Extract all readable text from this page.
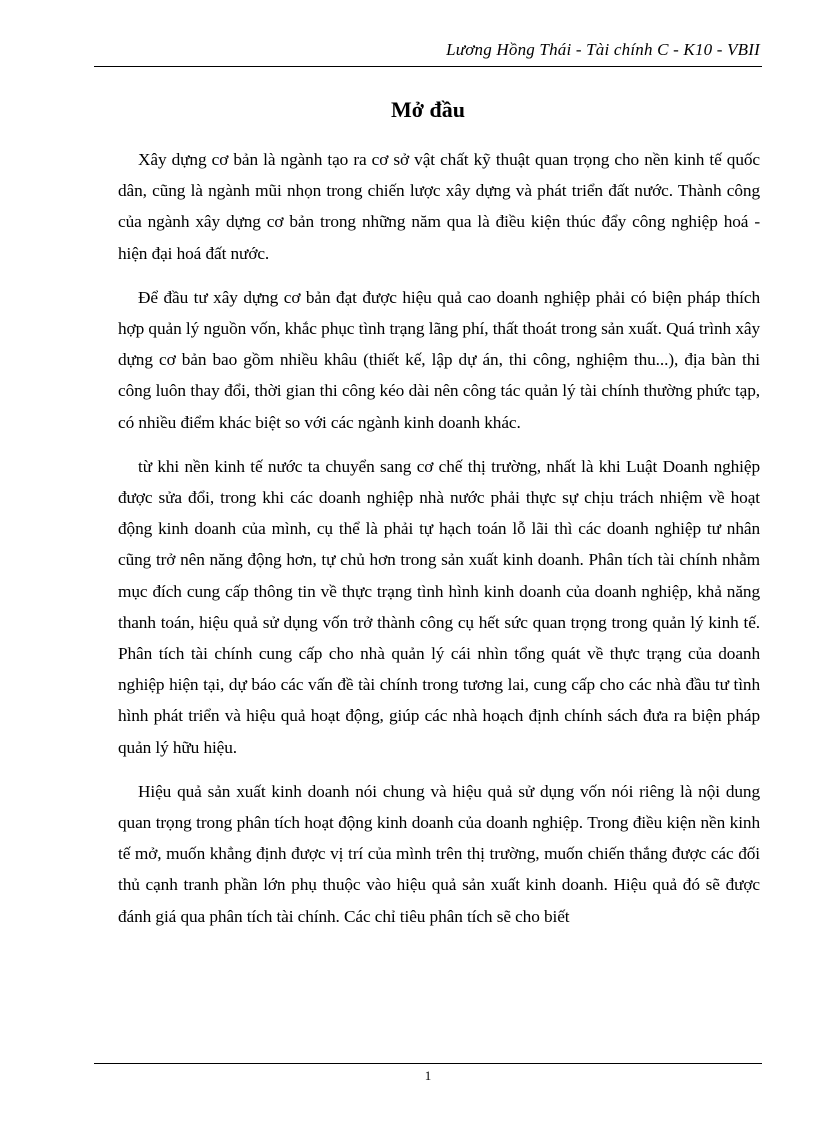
Lương Hồng Thái - Tài chính C - K10 - VBII
Mở đầu

Xây dựng cơ bản là ngành tạo ra cơ sở vật chất kỹ thuật quan trọng cho nền kinh tế quốc dân, cũng là ngành mũi nhọn trong chiến lược xây dựng và phát triển đất nước. Thành công của ngành xây dựng cơ bản trong những năm qua là điều kiện thúc đẩy công nghiệp hoá - hiện đại hoá đất nước.

Để đầu tư xây dựng cơ bản đạt được hiệu quả cao doanh nghiệp phải có biện pháp thích hợp quản lý nguồn vốn, khắc phục tình trạng lãng phí, thất thoát trong sản xuất. Quá trình xây dựng cơ bản bao gồm nhiều khâu (thiết kế, lập dự án, thi công, nghiệm thu...), địa bàn thi công luôn thay đổi, thời gian thi công kéo dài nên công tác quản lý tài chính thường phức tạp, có nhiều điểm khác biệt so với các ngành kinh doanh khác.

từ khi nền kinh tế nước ta chuyển sang cơ chế thị trường, nhất là khi Luật Doanh nghiệp được sửa đổi, trong khi các doanh nghiệp nhà nước phải thực sự chịu trách nhiệm về hoạt động kinh doanh của mình, cụ thể là phải tự hạch toán lỗ lãi thì các doanh nghiệp tư nhân cũng trở nên năng động hơn, tự chủ hơn trong sản xuất kinh doanh. Phân tích tài chính nhằm mục đích cung cấp thông tin về thực trạng tình hình kinh doanh của doanh nghiệp, khả năng thanh toán, hiệu quả sử dụng vốn trở thành công cụ hết sức quan trọng trong quản lý kinh tế. Phân tích tài chính cung cấp cho nhà quản lý cái nhìn tổng quát về thực trạng của doanh nghiệp hiện tại, dự báo các vấn đề tài chính trong tương lai, cung cấp cho các nhà đầu tư tình hình phát triển và hiệu quả hoạt động, giúp các nhà hoạch định chính sách đưa ra biện pháp quản lý hữu hiệu.

Hiệu quả sản xuất kinh doanh nói chung và hiệu quả sử dụng vốn nói riêng là nội dung quan trọng trong phân tích hoạt động kinh doanh của doanh nghiệp. Trong điều kiện nền kinh tế mở, muốn khẳng định được vị trí của mình trên thị trường, muốn chiến thắng được các đối thủ cạnh tranh phần lớn phụ thuộc vào hiệu quả sản xuất kinh doanh. Hiệu quả đó sẽ được đánh giá qua phân tích tài chính. Các chỉ tiêu phân tích sẽ cho biết

1
